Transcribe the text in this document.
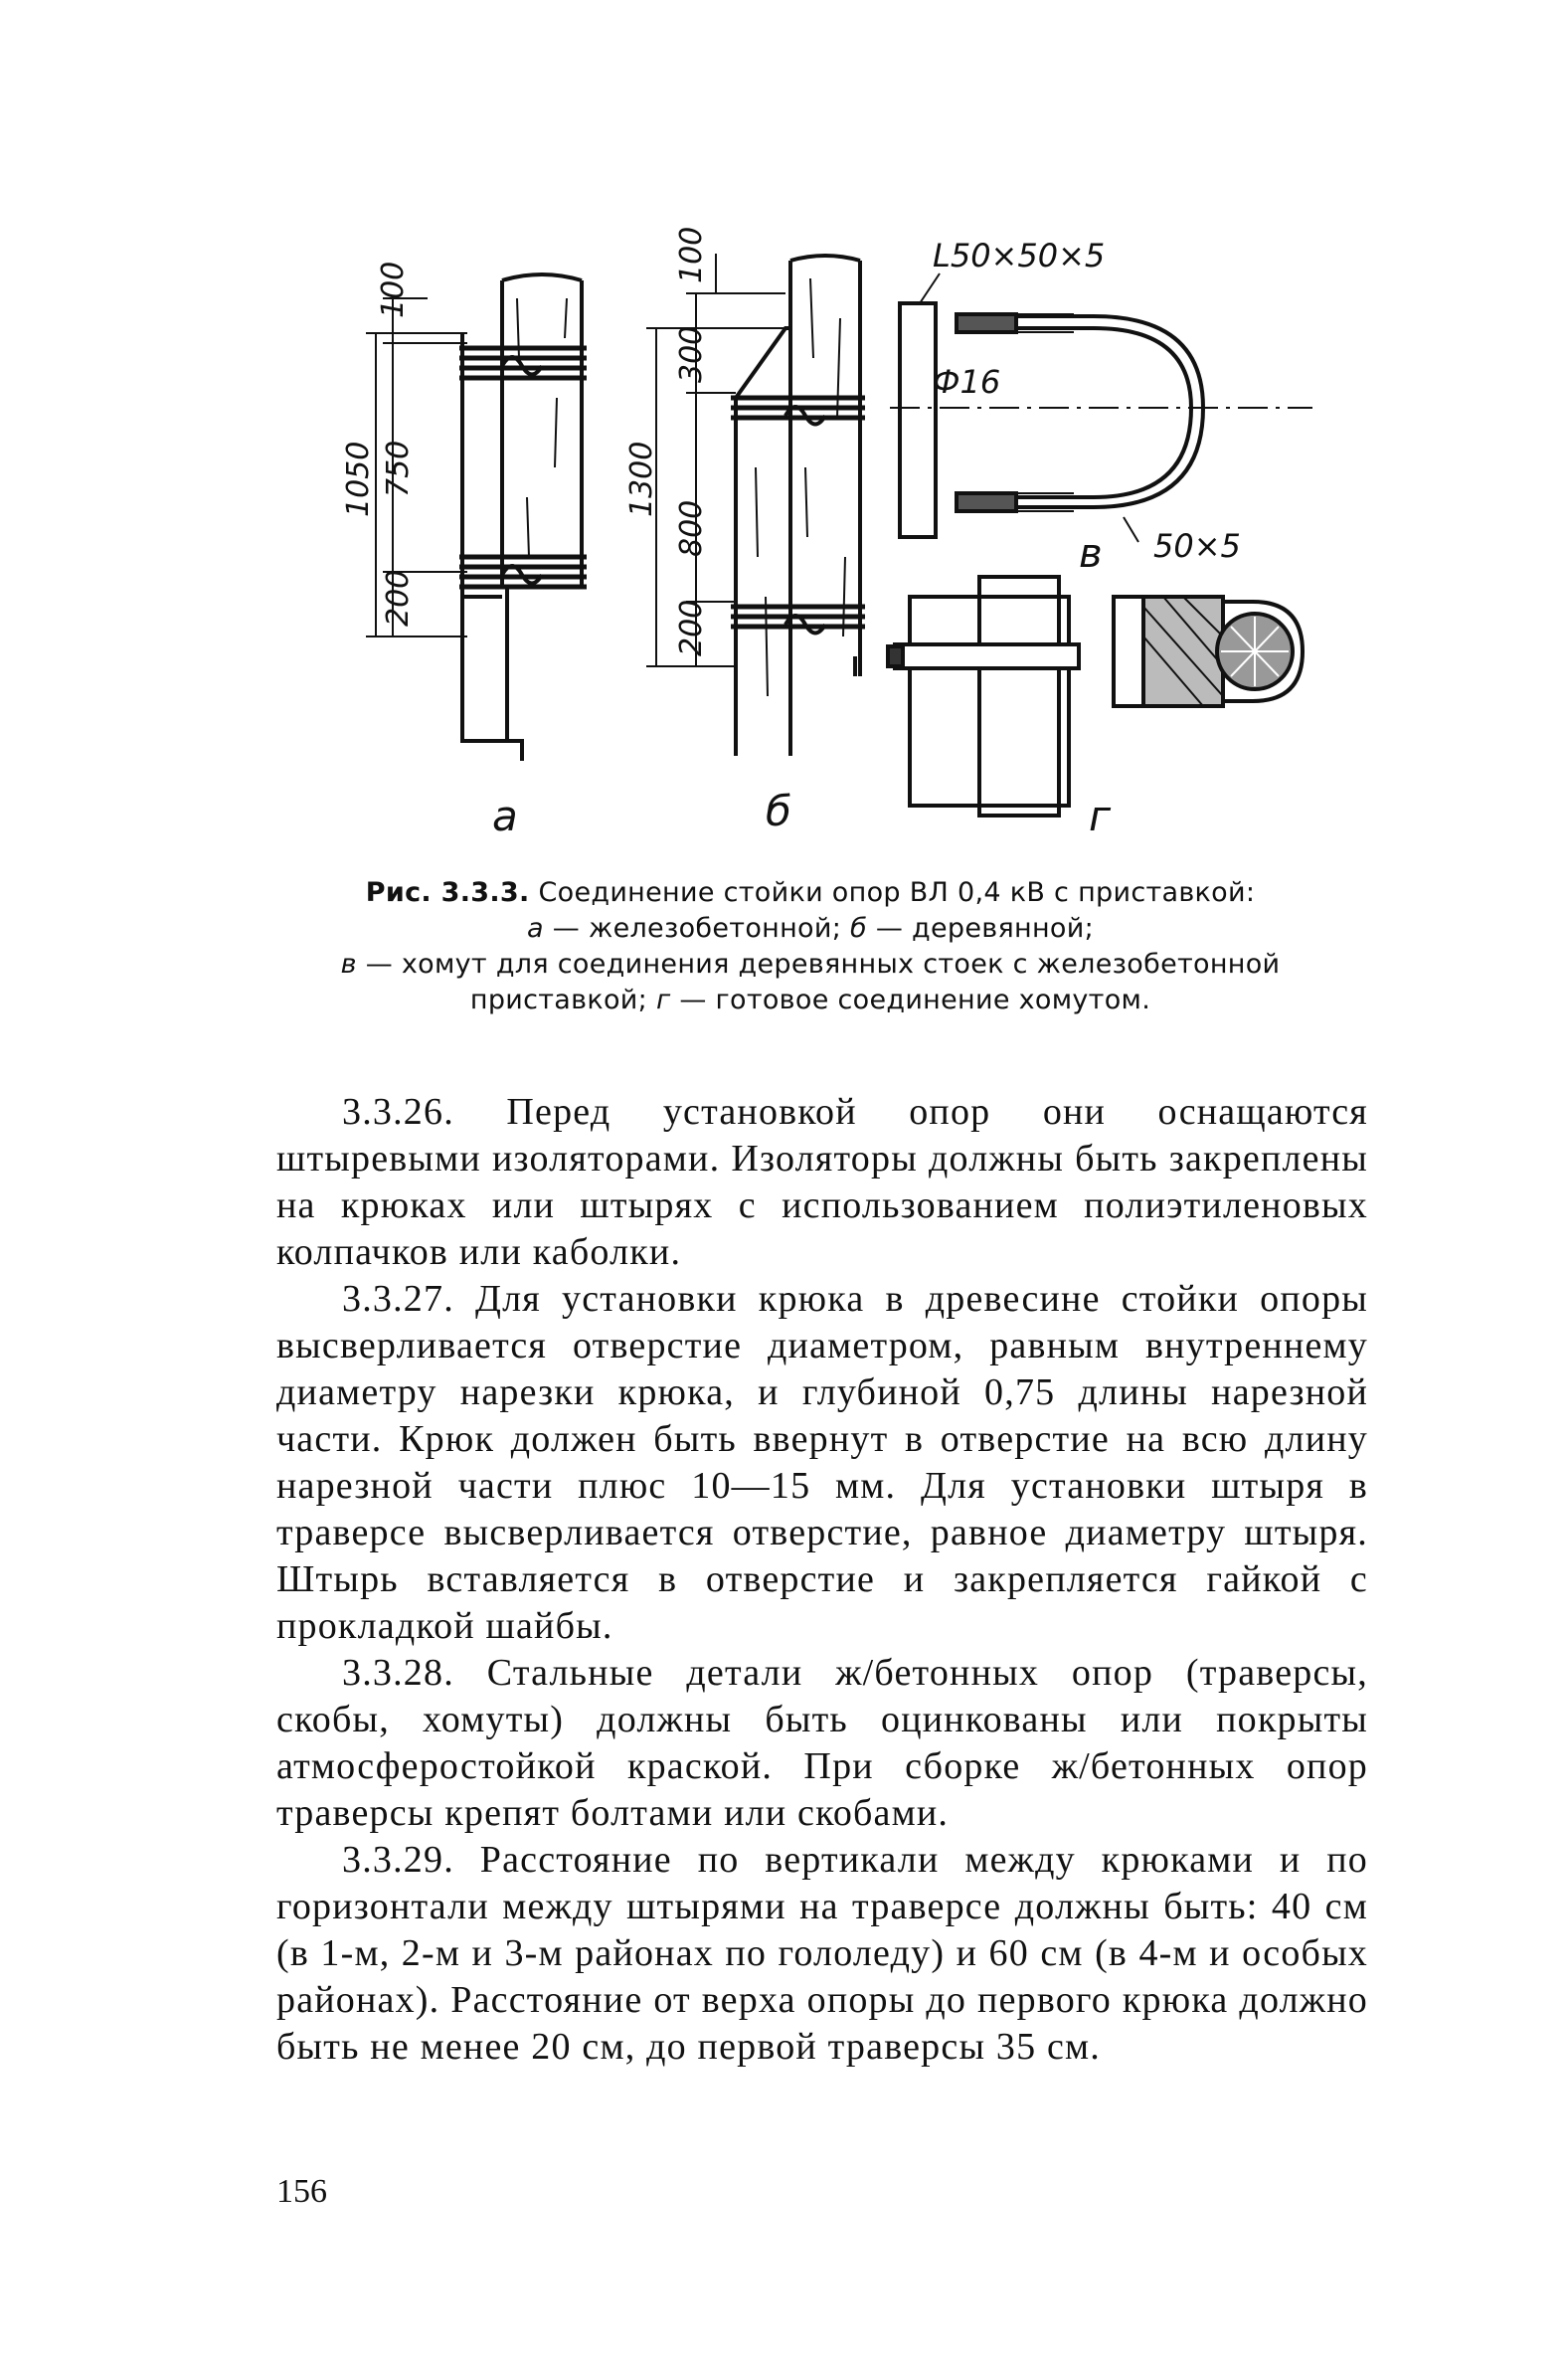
100
1050 750
200
а
100
300
1300
800
200
б
L50×50×5
Ф16
50×5
в
г
Рис. 3.3.3. Соединение стойки опор ВЛ 0,4 кВ с приставкой:
а — железобетонной; б — деревянной;
в — хомут для соединения деревянных стоек с железобетонной приставкой; г — готовое соединение хомутом.

3.3.26. Перед установкой опор они оснащаются штыревыми изоляторами. Изоляторы должны быть закреплены на крюках или штырях с использованием полиэтиленовых колпачков или каболки.

3.3.27. Для установки крюка в древесине стойки опоры высверливается отверстие диаметром, равным внутреннему диаметру нарезки крюка, и глубиной 0,75 длины нарезной части. Крюк должен быть ввернут в отверстие на всю длину нарезной части плюс 10—15 мм. Для установки штыря в траверсе высверливается отверстие, равное диаметру штыря. Штырь вставляется в отверстие и закрепляется гайкой с прокладкой шайбы.

3.3.28. Стальные детали ж/бетонных опор (траверсы, скобы, хомуты) должны быть оцинкованы или покрыты атмосферостойкой краской. При сборке ж/бетонных опор траверсы крепят болтами или скобами.

3.3.29. Расстояние по вертикали между крюками и по горизонтали между штырями на траверсе должны быть: 40 см (в 1-м, 2-м и 3-м районах по гололеду) и 60 см (в 4-м и особых районах). Расстояние от верха опоры до первого крюка должно быть не менее 20 см, до первой траверсы 35 см.

156
